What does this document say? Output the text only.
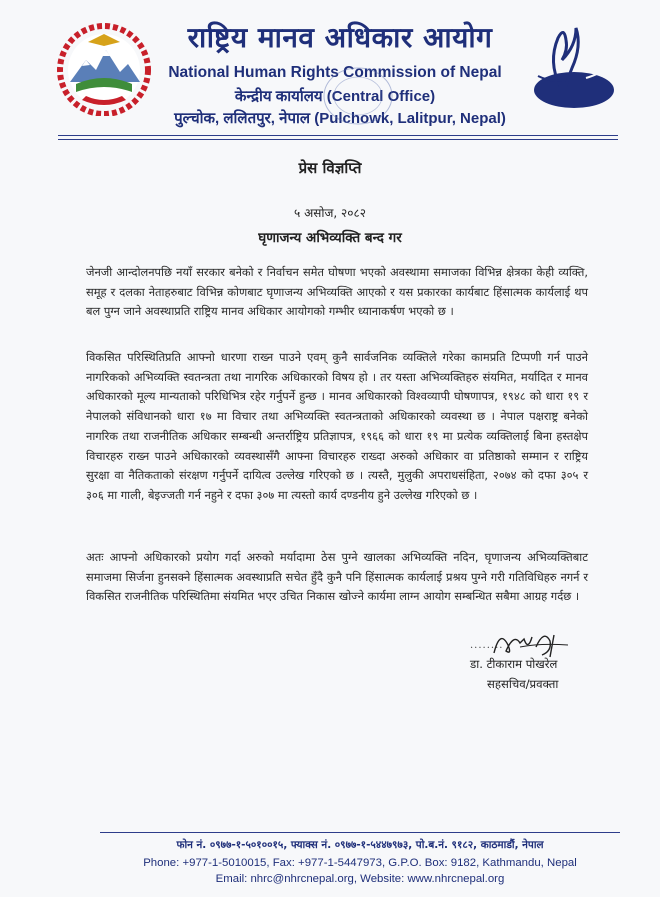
राष्ट्रिय मानव अधिकार आयोग
National Human Rights Commission of Nepal
केन्द्रीय कार्यालय (Central Office)
पुल्चोक, ललितपुर, नेपाल (Pulchowk, Lalitpur, Nepal)
प्रेस विज्ञप्ति
५ असोज, २०८२
घृणाजन्य अभिव्यक्ति बन्द गर
जेनजी आन्दोलनपछि नयाँ सरकार बनेको र निर्वाचन समेत घोषणा भएको अवस्थामा समाजका विभिन्न क्षेत्रका केही व्यक्ति, समूह र दलका नेताहरुबाट विभिन्न कोणबाट घृणाजन्य अभिव्यक्ति आएको र यस प्रकारका कार्यबाट हिंसात्मक कार्यलाई थप बल पुग्न जाने अवस्थाप्रति राष्ट्रिय मानव अधिकार आयोगको गम्भीर ध्यानाकर्षण भएको छ ।
विकसित परिस्थितिप्रति आफ्नो धारणा राख्न पाउने एवम् कुनै सार्वजनिक व्यक्तिले गरेका कामप्रति टिप्पणी गर्न पाउने नागरिकको अभिव्यक्ति स्वतन्त्रता तथा नागरिक अधिकारको विषय हो । तर यस्ता अभिव्यक्तिहरु संयमित, मर्यादित र मानव अधिकारको मूल्य मान्यताको परिधिभित्र रहेर गर्नुपर्ने हुन्छ । मानव अधिकारको विश्वव्यापी घोषणापत्र, १९४८ को धारा १९ र नेपालको संविधानको धारा १७ मा विचार तथा अभिव्यक्ति स्वतन्त्रताको अधिकारको व्यवस्था छ । नेपाल पक्षराष्ट्र बनेको नागरिक तथा राजनीतिक अधिकार सम्बन्धी अन्तर्राष्ट्रिय प्रतिज्ञापत्र, १९६६ को धारा १९ मा प्रत्येक व्यक्तिलाई बिना हस्तक्षेप विचारहरु राख्न पाउने अधिकारको व्यवस्थासँगै आफ्ना विचारहरु राख्दा अरुको अधिकार वा प्रतिष्ठाको सम्मान र राष्ट्रिय सुरक्षा वा नैतिकताको संरक्षण गर्नुपर्ने दायित्व उल्लेख गरिएको छ । त्यस्तै, मुलुकी अपराधसंहिता, २०७४ को दफा ३०५ र ३०६ मा गाली, बेइज्जती गर्न नहुने र दफा ३०७ मा त्यस्तो कार्य दण्डनीय हुने उल्लेख गरिएको छ ।
अतः आफ्नो अधिकारको प्रयोग गर्दा अरुको मर्यादामा ठेस पुग्ने खालका अभिव्यक्ति नदिन, घृणाजन्य अभिव्यक्तिबाट समाजमा सिर्जना हुनसक्ने हिंसात्मक अवस्थाप्रति सचेत हुँदै कुनै पनि हिंसात्मक कार्यलाई प्रश्रय पुग्ने गरी गतिविधिहरु नगर्न र विकसित राजनीतिक परिस्थितिमा संयमित भएर उचित निकास खोज्ने कार्यमा लाग्न आयोग सम्बन्धित सबैमा आग्रह गर्दछ ।
........
डा. टीकाराम पोखरेल
सहसचिव/प्रवक्ता
फोन नं. ०९७७-१-५०१००१५, फ्याक्स नं. ०९७७-१-५४४७९७३, पो.ब.नं. ९१८२, काठमाडौं, नेपाल
Phone: +977-1-5010015, Fax: +977-1-5447973, G.P.O. Box: 9182, Kathmandu, Nepal
Email: nhrc@nhrcnepal.org, Website: www.nhrcnepal.org
